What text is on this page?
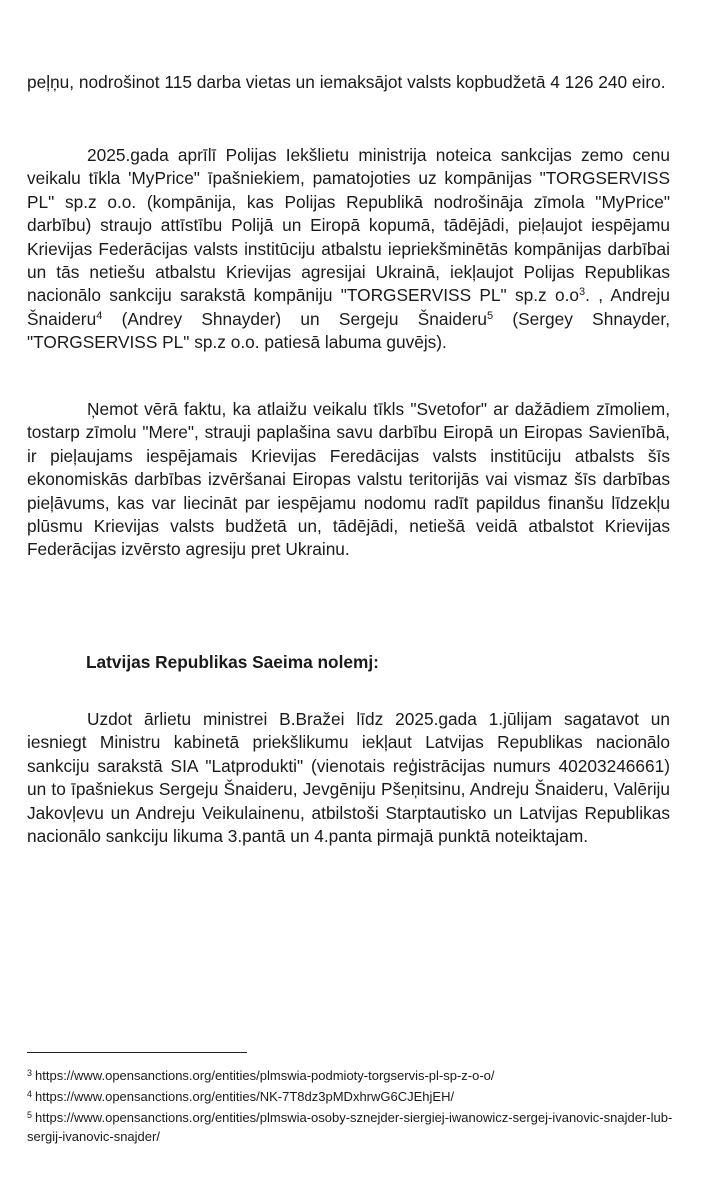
peļņu, nodrošinot 115 darba vietas un iemaksājot valsts kopbudžetā 4 126 240 eiro.

2025.gada aprīlī Polijas Iekšlietu ministrija noteica sankcijas zemo cenu veikalu tīkla 'MyPrice" īpašniekiem, pamatojoties uz kompānijas "TORGSERVISS PL" sp.z o.o. (kompānija, kas Polijas Republikā nodrošināja zīmola "MyPrice" darbību) straujo attīstību Polijā un Eiropā kopumā, tādējādi, pieļaujot iespējamu Krievijas Federācijas valsts institūciju atbalstu iepriekšminētās kompānijas darbībai un tās netiešu atbalstu Krievijas agresijai Ukrainā, iekļaujot Polijas Republikas nacionālo sankciju sarakstā kompāniju "TORGSERVISS PL" sp.z $o.o^3$. , Andreju Šnaideru$^4$ (Andrey Shnayder) un Sergeju Šnaideru$^5$ (Sergey Shnayder, "TORGSERVISS PL" sp.z o.o. patiesā labuma guvējs).

Ņemot vērā faktu, ka atlaižu veikalu tīkls "Svetofor" ar dažādiem zīmoliem, tostarp zīmolu "Mere", strauji paplašina savu darbību Eiropā un Eiropas Savienībā, ir pieļaujams iespējamais Krievijas Feredācijas valsts institūciju atbalsts šīs ekonomiskās darbības izvēršanai Eiropas valstu teritorijās vai vismaz šīs darbības pieļāvums, kas var liecināt par iespējamu nodomu radīt papildus finanšu līdzekļu plūsmu Krievijas valsts budžetā un, tādējādi, netiešā veidā atbalstot Krievijas Federācijas izvērsto agresiju pret Ukrainu.

Latvijas Republikas Saeima nolemj:

Uzdot ārlietu ministrei B.Bražei līdz 2025.gada 1.jūlijam sagatavot un iesniegt Ministru kabinetā priekšlikumu iekļaut Latvijas Republikas nacionālo sankciju sarakstā SIA "Latprodukti" (vienotais reģistrācijas numurs 40203246661) un to īpašniekus Sergeju Šnaideru, Jevgēniju Pšeņitsinu, Andreju Šnaideru, Valēriju Jakovļevu un Andreju Veikulainenu, atbilstoši Starptautisko un Latvijas Republikas nacionālo sankciju likuma 3.pantā un 4.panta pirmajā punktā noteiktajam.

$^3$ https://www.opensanctions.org/entities/plmswia-podmioty-torgservis-pl-sp-z-o-o/

$^4$ https://www.opensanctions.org/entities/NK-7T8dz3pMDxhrwG6CJEhjEH/

$^5$ https://www.opensanctions.org/entities/plmswia-osoby-sznejder-siergiej-iwanowicz-sergej-ivanovic-snajder-lub-sergij-ivanovic-snajder/
